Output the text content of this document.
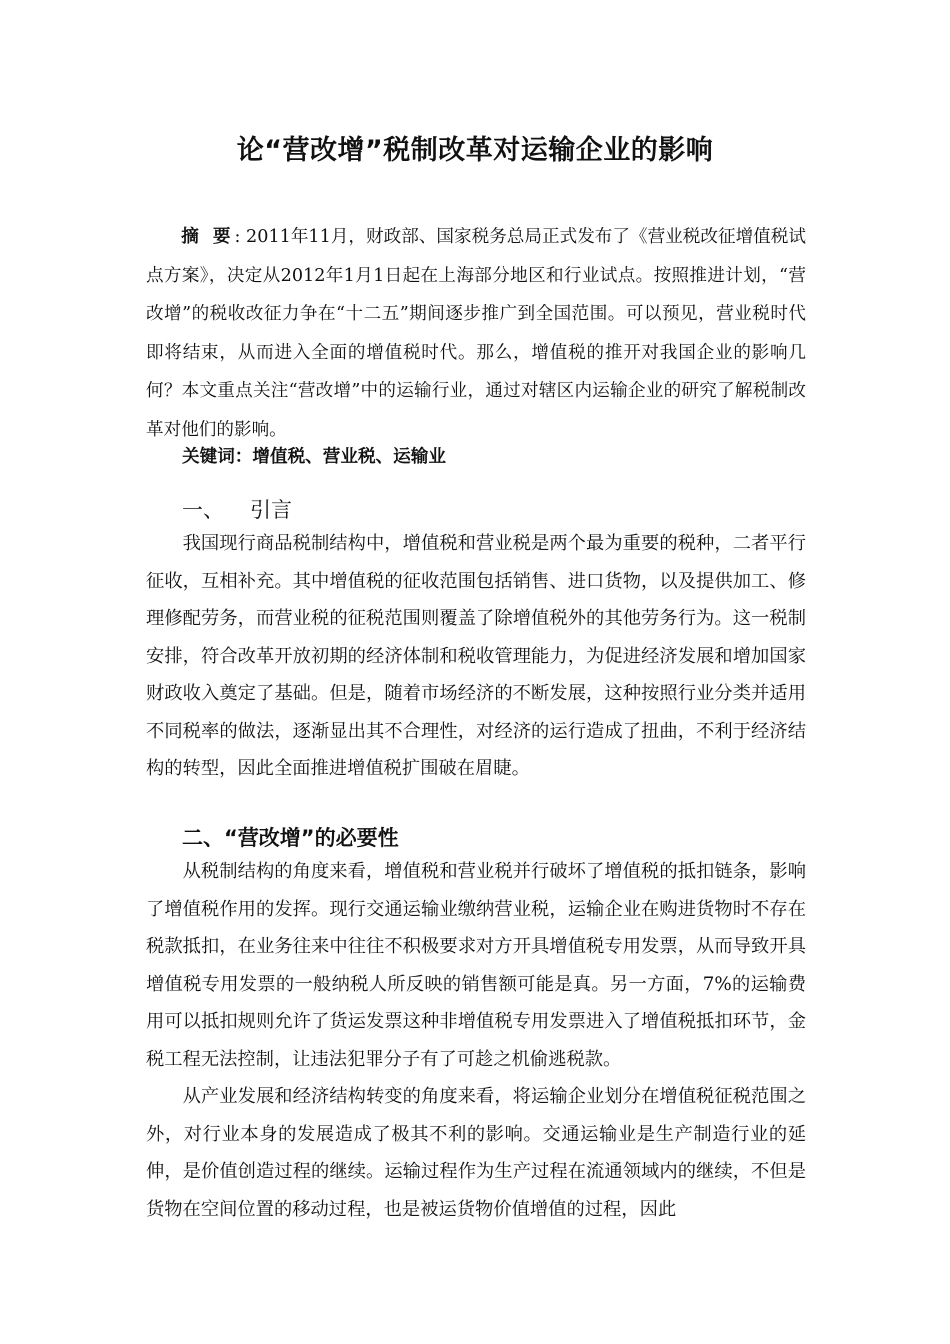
论“营改增”税制改革对运输企业的影响

摘 要: 2011年11月，财政部、国家税务总局正式发布了《营业税改征增值税试点方案》，决定从2012年1月1日起在上海部分地区和行业试点。按照推进计划，“营改增”的税收改征力争在“十二五”期间逐步推广到全国范围。可以预见，营业税时代即将结束，从而进入全面的增值税时代。那么，增值税的推开对我国企业的影响几何？本文重点关注“营改增”中的运输行业，通过对辖区内运输企业的研究了解税制改革对他们的影响。

关键词：增值税、营业税、运输业
一、 引言

我国现行商品税制结构中，增值税和营业税是两个最为重要的税种，二者平行征收，互相补充。其中增值税的征收范围包括销售、进口货物，以及提供加工、修理修配劳务，而营业税的征税范围则覆盖了除增值税外的其他劳务行为。这一税制安排，符合改革开放初期的经济体制和税收管理能力，为促进经济发展和增加国家财政收入奠定了基础。但是，随着市场经济的不断发展，这种按照行业分类并适用不同税率的做法，逐渐显出其不合理性，对经济的运行造成了扭曲，不利于经济结构的转型，因此全面推进增值税扩围破在眉睫。

二、“营改增”的必要性

从税制结构的角度来看，增值税和营业税并行破坏了增值税的抵扣链条，影响了增值税作用的发挥。现行交通运输业缴纳营业税，运输企业在购进货物时不存在税款抵扣，在业务往来中往往不积极要求对方开具增值税专用发票，从而导致开具增值税专用发票的一般纳税人所反映的销售额可能是真。另一方面，7%的运输费用可以抵扣规则允许了货运发票这种非增值税专用发票进入了增值税抵扣环节，金税工程无法控制，让违法犯罪分子有了可趁之机偷逃税款。

从产业发展和经济结构转变的角度来看，将运输企业划分在增值税征税范围之外，对行业本身的发展造成了极其不利的影响。交通运输业是生产制造行业的延伸，是价值创造过程的继续。运输过程作为生产过程在流通领域内的继续，不但是货物在空间位置的移动过程，也是被运货物价值增值的过程，因此
